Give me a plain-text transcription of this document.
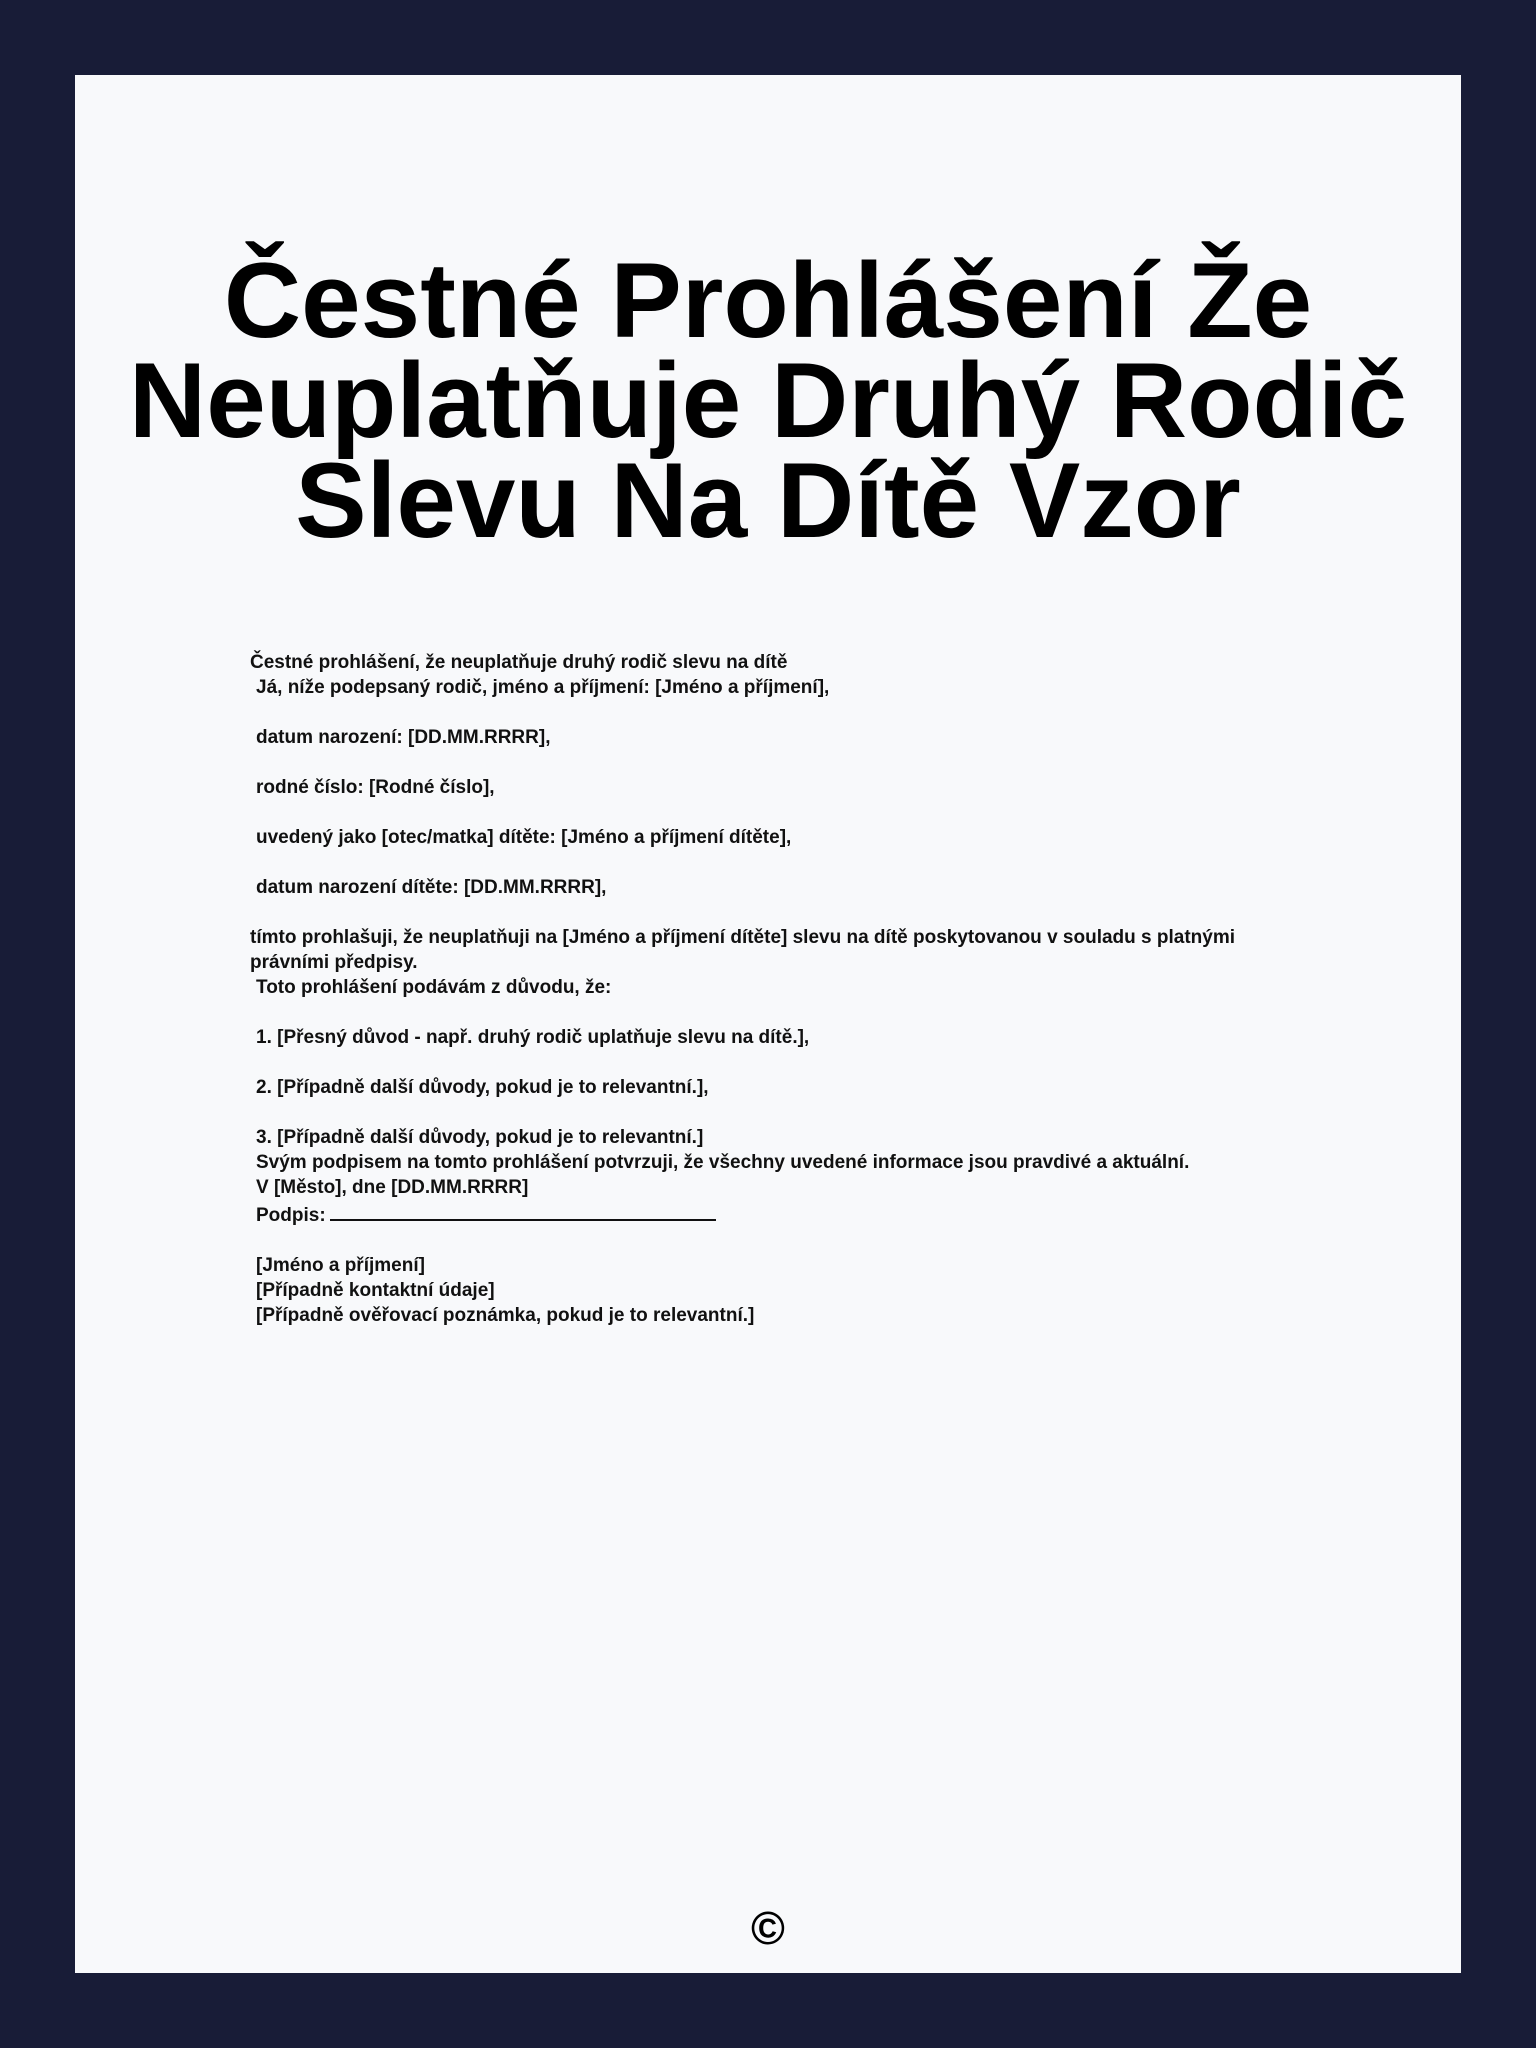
Čestné Prohlášení Že
Neuplatňuje Druhý Rodič
Slevu Na Dítě Vzor
Čestné prohlášení, že neuplatňuje druhý rodič slevu na dítě
Já, níže podepsaný rodič, jméno a příjmení: [Jméno a příjmení],
datum narození: [DD.MM.RRRR],
rodné číslo: [Rodné číslo],
uvedený jako [otec/matka] dítěte: [Jméno a příjmení dítěte],
datum narození dítěte: [DD.MM.RRRR],
tímto prohlašuji, že neuplatňuji na [Jméno a příjmení dítěte] slevu na dítě poskytovanou v souladu s platnými právními předpisy.
Toto prohlášení podávám z důvodu, že:
1. [Přesný důvod - např. druhý rodič uplatňuje slevu na dítě.],
2. [Případně další důvody, pokud je to relevantní.],
3. [Případně další důvody, pokud je to relevantní.]
Svým podpisem na tomto prohlášení potvrzuji, že všechny uvedené informace jsou pravdivé a aktuální.
V [Město], dne [DD.MM.RRRR]
Podpis:
[Jméno a příjmení]
[Případně kontaktní údaje]
[Případně ověřovací poznámka, pokud je to relevantní.]
©
